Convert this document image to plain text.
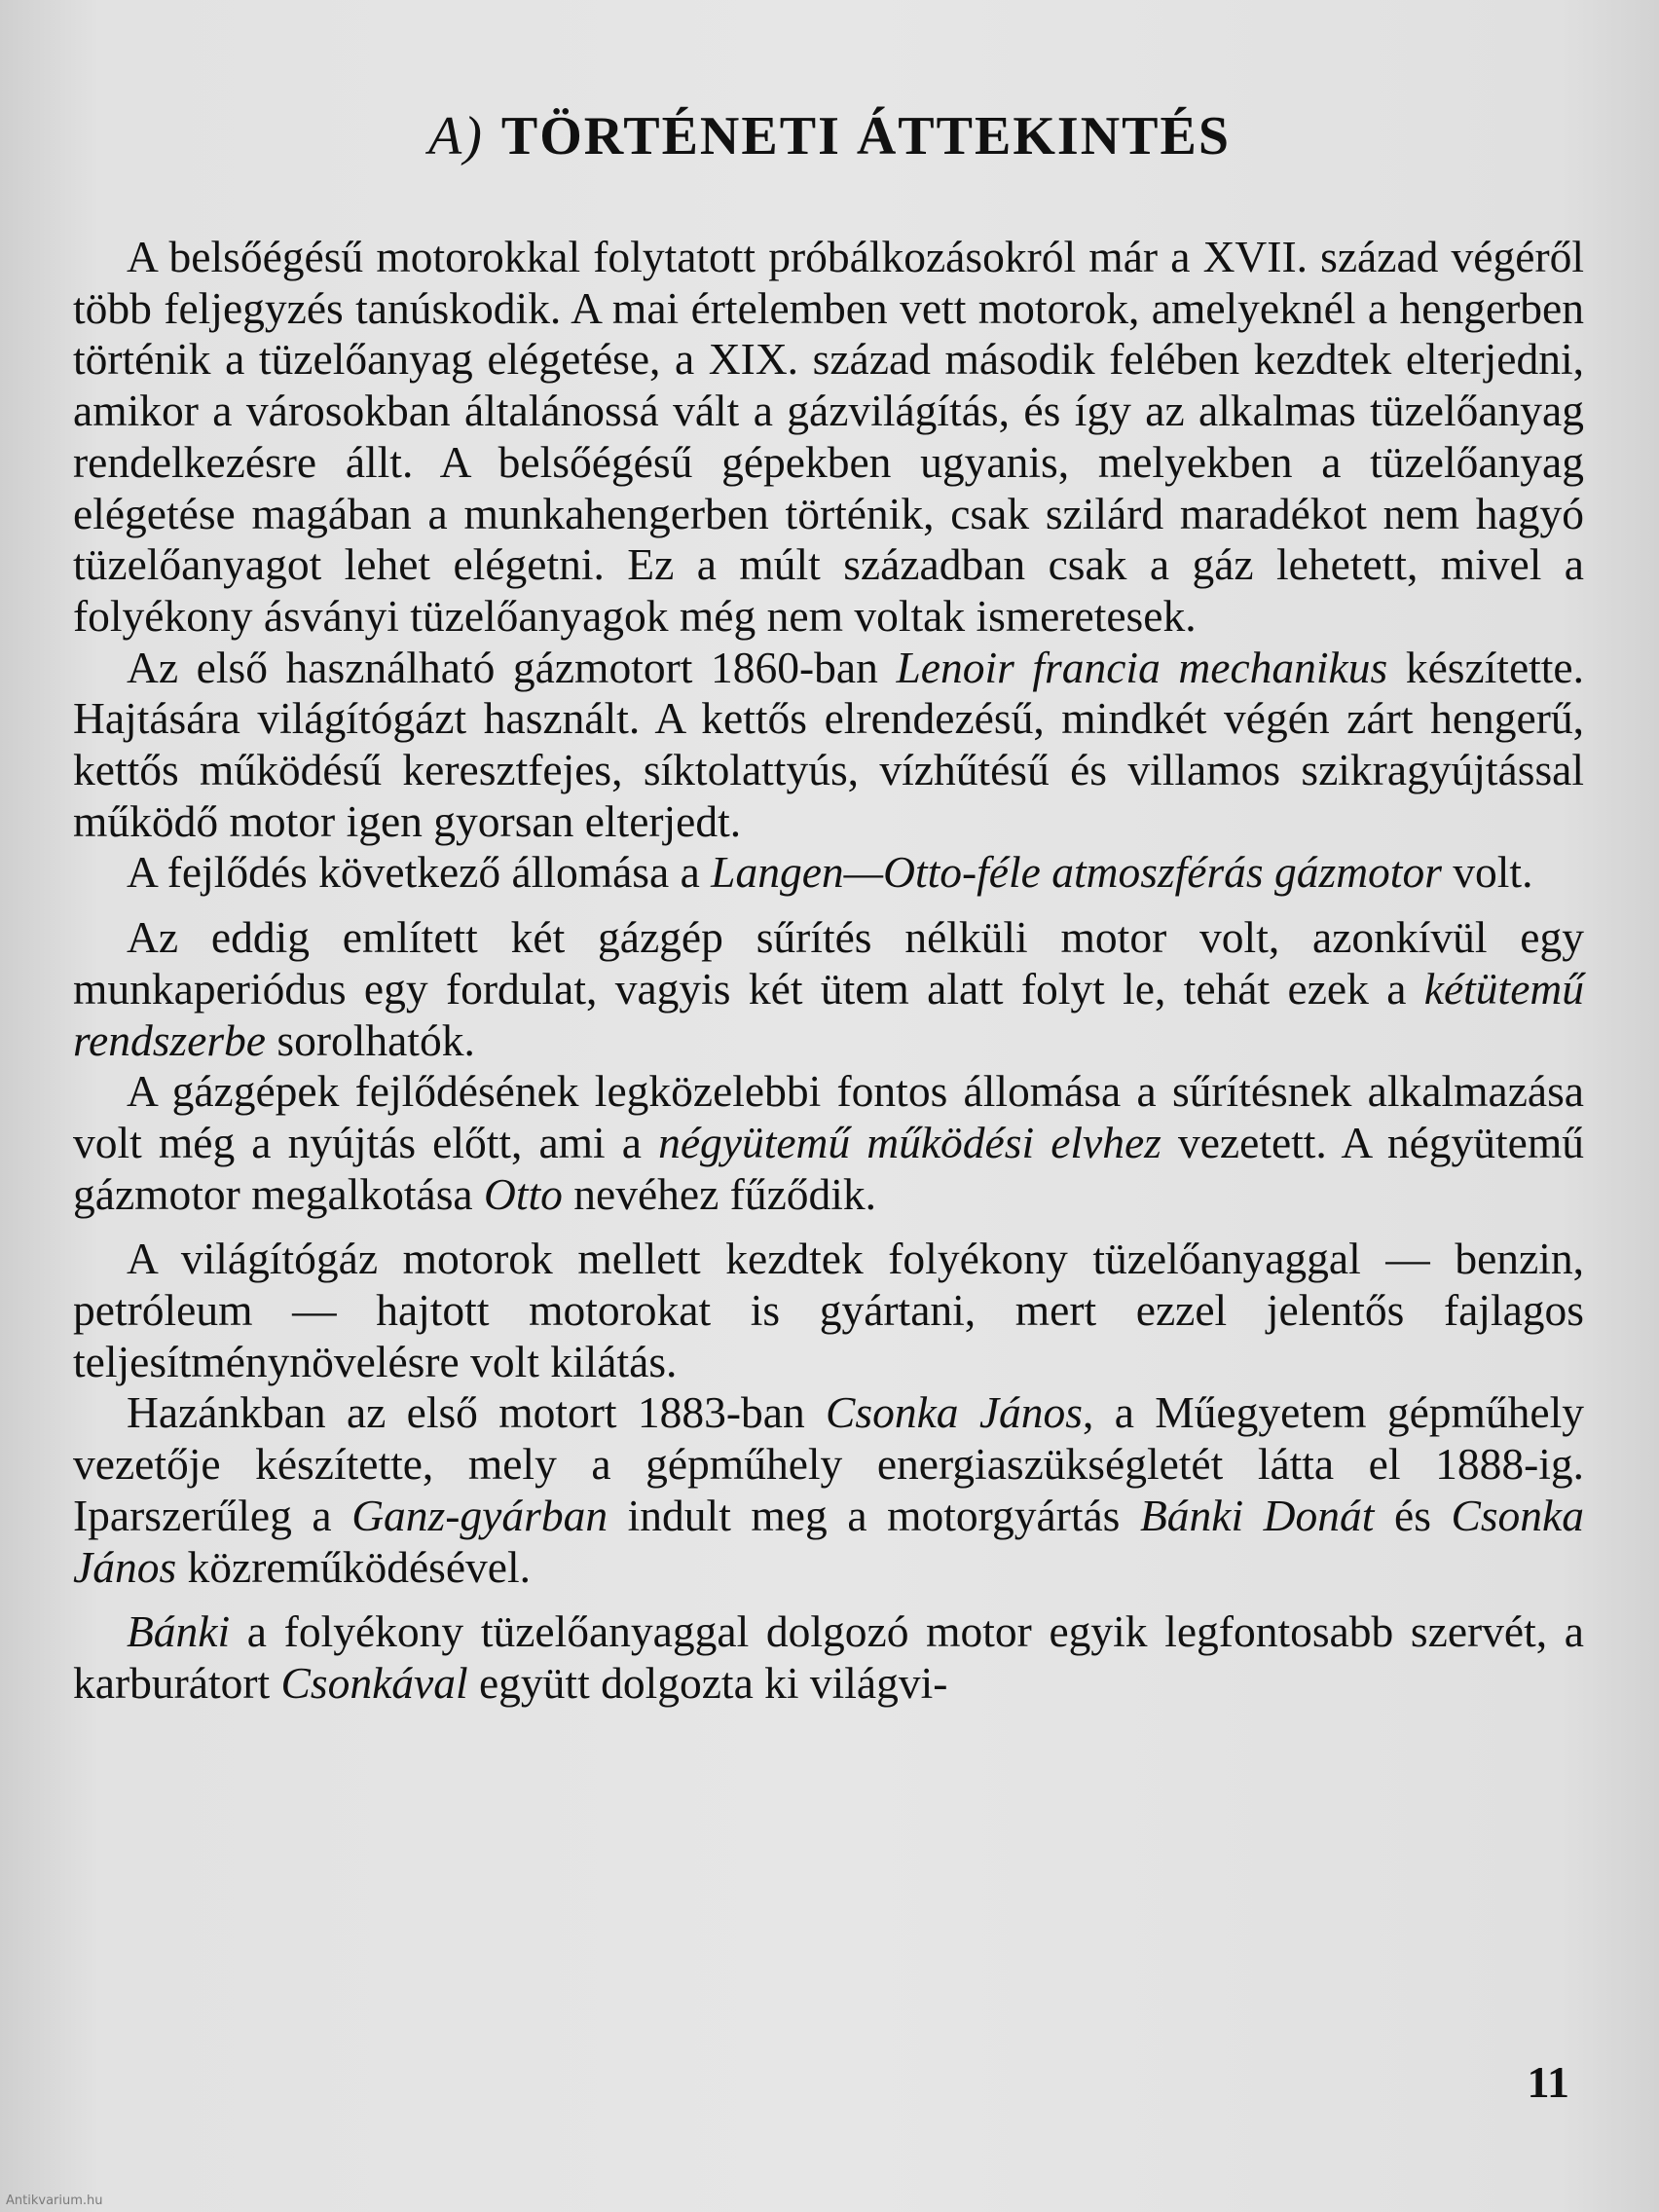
A) TÖRTÉNETI ÁTTEKINTÉS

A belsőégésű motorokkal folytatott próbálkozásokról már a XVII. század végéről több feljegyzés tanúskodik. A mai értelemben vett motorok, amelyeknél a hengerben történik a tüzelőanyag elégetése, a XIX. század második felében kezdtek elterjedni, amikor a városokban általánossá vált a gázvilágítás, és így az alkalmas tüzelőanyag rendelkezésre állt. A belsőégésű gépekben ugyanis, melyekben a tüzelőanyag elégetése magában a munkahengerben történik, csak szilárd maradékot nem hagyó tüzelőanyagot lehet elégetni. Ez a múlt században csak a gáz lehetett, mivel a folyékony ásványi tüzelőanyagok még nem voltak ismeretesek.

Az első használható gázmotort 1860-ban Lenoir francia mechanikus készítette. Hajtására világítógázt használt. A kettős elrendezésű, mindkét végén zárt hengerű, kettős működésű keresztfejes, síktolattyús, vízhűtésű és villamos szikragyújtással működő motor igen gyorsan elterjedt.

A fejlődés következő állomása a Langen—Otto-féle atmoszférás gázmotor volt.

Az eddig említett két gázgép sűrítés nélküli motor volt, azonkívül egy munkaperiódus egy fordulat, vagyis két ütem alatt folyt le, tehát ezek a kétütemű rendszerbe sorolhatók.

A gázgépek fejlődésének legközelebbi fontos állomása a sűrítésnek alkalmazása volt még a nyújtás előtt, ami a négyütemű működési elvhez vezetett. A négyütemű gázmotor megalkotása Otto nevéhez fűződik.

A világítógáz motorok mellett kezdtek folyékony tüzelőanyaggal — benzin, petróleum — hajtott motorokat is gyártani, mert ezzel jelentős fajlagos teljesítménynövelésre volt kilátás.

Hazánkban az első motort 1883-ban Csonka János, a Műegyetem gépműhely vezetője készítette, mely a gépműhely energiaszükségletét látta el 1888-ig. Iparszerűleg a Ganz-gyárban indult meg a motorgyártás Bánki Donát és Csonka János közreműködésével.

Bánki a folyékony tüzelőanyaggal dolgozó motor egyik legfontosabb szervét, a karburátort Csonkával együtt dolgozta ki világvi-

11
Antikvarium.hu
